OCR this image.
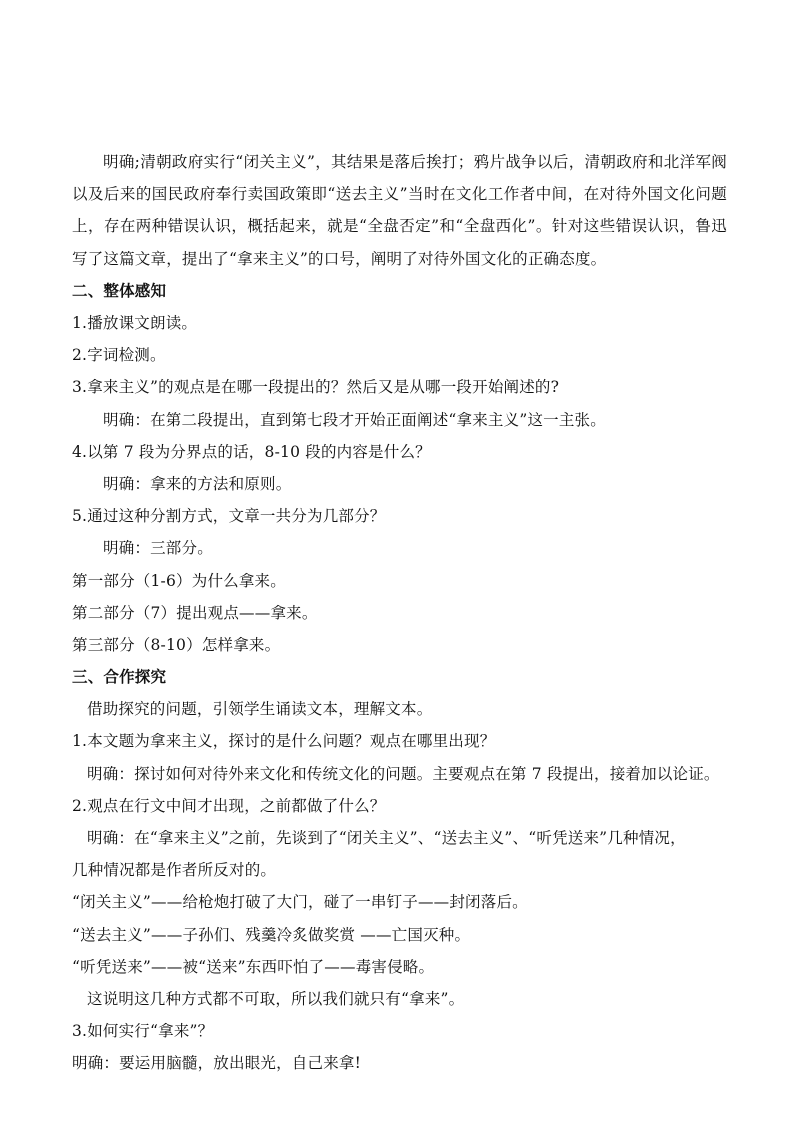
明确;清朝政府实行“闭关主义”，其结果是落后挨打；鸦片战争以后，清朝政府和北洋军阀以及后来的国民政府奉行卖国政策即“送去主义”当时在文化工作者中间，在对待外国文化问题上，存在两种错误认识，概括起来，就是“全盘否定”和“全盘西化”。针对这些错误认识，鲁迅写了这篇文章，提出了“拿来主义”的口号，阐明了对待外国文化的正确态度。
二、整体感知
1.播放课文朗读。
2.字词检测。
3.拿来主义”的观点是在哪一段提出的？然后又是从哪一段开始阐述的?
明确：在第二段提出，直到第七段才开始正面阐述“拿来主义”这一主张。
4.以第 7 段为分界点的话，8-10 段的内容是什么？
明确：拿来的方法和原则。
5.通过这种分割方式，文章一共分为几部分？
明确：三部分。
第一部分（1-6）为什么拿来。
第二部分（7）提出观点——拿来。
第三部分（8-10）怎样拿来。
三、合作探究
借助探究的问题，引领学生诵读文本，理解文本。
1.本文题为拿来主义，探讨的是什么问题？观点在哪里出现？
明确：探讨如何对待外来文化和传统文化的问题。主要观点在第 7 段提出，接着加以论证。
2.观点在行文中间才出现，之前都做了什么？
明确：在“拿来主义”之前，先谈到了“闭关主义”、“送去主义”、“听凭送来”几种情况，
几种情况都是作者所反对的。
“闭关主义”——给枪炮打破了大门，碰了一串钉子——封闭落后。
“送去主义”——子孙们、残羹冷炙做奖赏 ——亡国灭种。
“听凭送来”——被“送来”东西吓怕了——毒害侵略。
这说明这几种方式都不可取，所以我们就只有“拿来”。
3.如何实行“拿来”？
明确：要运用脑髓，放出眼光，自己来拿!
